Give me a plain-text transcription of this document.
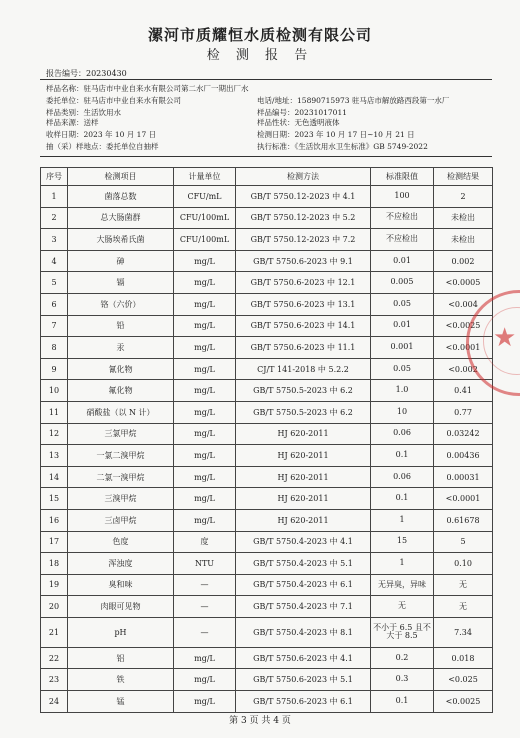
漯河市质耀恒水质检测有限公司
检 测 报 告
报告编号：20230430
样品名称：驻马店市中业自来水有限公司第二水厂一期出厂水
委托单位：驻马店市中业自来水有限公司	电话/地址：15890715973 驻马店市解放路西段第一水厂
样品类别：生活饮用水	样品编号：20231017011
样品来源：送样	样品性状：无色透明液体
收样日期：2023 年 10 月 17 日	检测日期：2023 年 10 月 17 日~10 月 21 日
抽（采）样地点：委托单位自抽样	执行标准：《生活饮用水卫生标准》GB 5749-2022
序号	检测项目	计量单位	检测方法	标准限值	检测结果
1	菌落总数	CFU/mL	GB/T 5750.12-2023 中 4.1	100	2
2	总大肠菌群	CFU/100mL	GB/T 5750.12-2023 中 5.2	不应检出	未检出
3	大肠埃希氏菌	CFU/100mL	GB/T 5750.12-2023 中 7.2	不应检出	未检出
4	砷	mg/L	GB/T 5750.6-2023 中 9.1	0.01	0.002
5	镉	mg/L	GB/T 5750.6-2023 中 12.1	0.005	<0.0005
6	铬（六价）	mg/L	GB/T 5750.6-2023 中 13.1	0.05	<0.004
7	铅	mg/L	GB/T 5750.6-2023 中 14.1	0.01	<0.0025
8	汞	mg/L	GB/T 5750.6-2023 中 11.1	0.001	<0.0001
9	氰化物	mg/L	CJ/T 141-2018 中 5.2.2	0.05	<0.002
10	氟化物	mg/L	GB/T 5750.5-2023 中 6.2	1.0	0.41
11	硝酸盐（以 N 计）	mg/L	GB/T 5750.5-2023 中 6.2	10	0.77
12	三氯甲烷	mg/L	HJ 620-2011	0.06	0.03242
13	一氯二溴甲烷	mg/L	HJ 620-2011	0.1	0.00436
14	二氯一溴甲烷	mg/L	HJ 620-2011	0.06	0.00031
15	三溴甲烷	mg/L	HJ 620-2011	0.1	<0.0001
16	三卤甲烷	mg/L	HJ 620-2011	1	0.61678
17	色度	度	GB/T 5750.4-2023 中 4.1	15	5
18	浑浊度	NTU	GB/T 5750.4-2023 中 5.1	1	0.10
19	臭和味	—	GB/T 5750.4-2023 中 6.1	无异臭，异味	无
20	肉眼可见物	—	GB/T 5750.4-2023 中 7.1	无	无
21	pH	—	GB/T 5750.4-2023 中 8.1	不小于 6.5 且不大于 8.5	7.34
22	铝	mg/L	GB/T 5750.6-2023 中 4.1	0.2	0.018
23	铁	mg/L	GB/T 5750.6-2023 中 5.1	0.3	<0.025
24	锰	mg/L	GB/T 5750.6-2023 中 6.1	0.1	<0.0025
★
第 3 页 共 4 页
